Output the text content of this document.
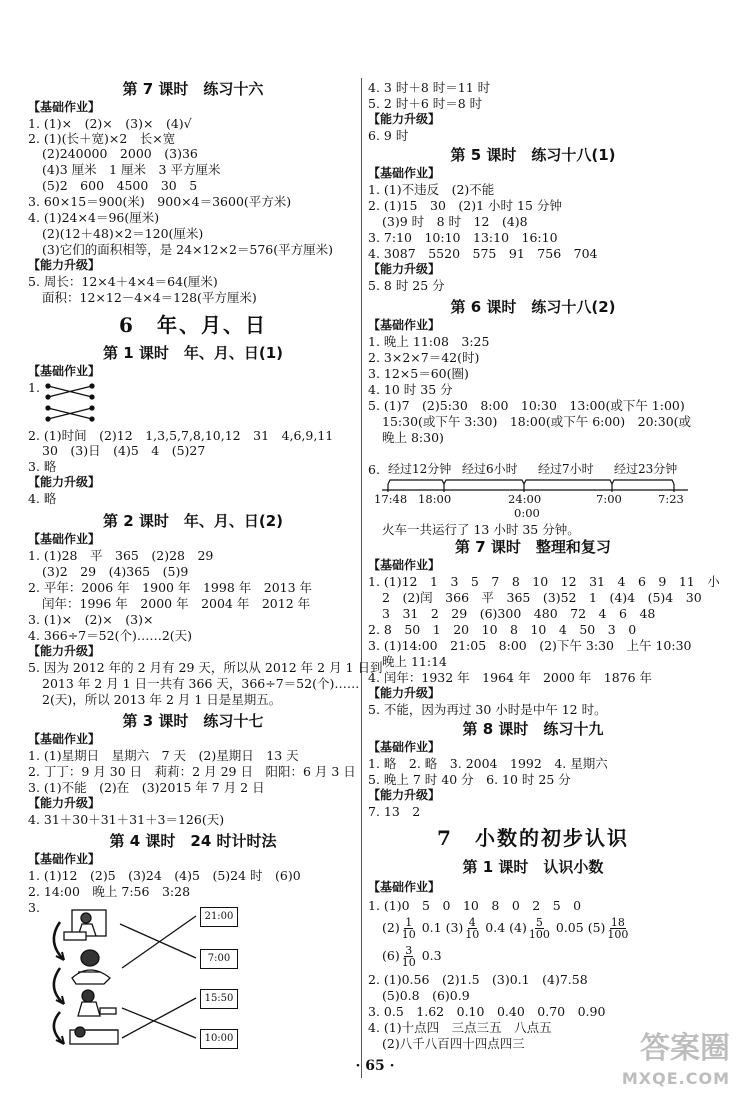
第 7 课时　练习十六
【基础作业】
1. (1)×　(2)×　(3)×　(4)√
2. (1)(长＋宽)×2　长×宽
(2)240000　2000　(3)36
(4)3 厘米　1 厘米　3 平方厘米
(5)2　600　4500　30　5
3. 60×15＝900(米)　900×4＝3600(平方米)
4. (1)24×4＝96(厘米)
(2)(12＋48)×2＝120(厘米)
(3)它们的面积相等，是 24×12×2＝576(平方厘米)
【能力升级】
5. 周长：12×4＋4×4＝64(厘米)
面积：12×12－4×4＝128(平方厘米)
6　年、月、日
第 1 课时　年、月、日(1)
【基础作业】
1.
2. (1)时间　(2)12　1,3,5,7,8,10,12　31　4,6,9,11
30　(3)日　(4)5　4　(5)27
3. 略
【能力升级】
4. 略
第 2 课时　年、月、日(2)
【基础作业】
1. (1)28　平　365　(2)28　29
(3)2　29　(4)365　(5)9
2. 平年：2006 年　1900 年　1998 年　2013 年
闰年：1996 年　2000 年　2004 年　2012 年
3. (1)×　(2)×　(3)×
4. 366÷7＝52(个)……2(天)
【能力升级】
5. 因为 2012 年的 2 月有 29 天，所以从 2012 年 2 月 1 日到
2013 年 2 月 1 日一共有 366 天，366÷7＝52(个)……
2(天)，所以 2013 年 2 月 1 日是星期五。
第 3 课时　练习十七
【基础作业】
1. (1)星期日　星期六　7 天　(2)星期日　13 天
2. 丁丁：9 月 30 日　莉莉：2 月 29 日　阳阳：6 月 3 日
3. (1)不能　(2)在　(3)2015 年 7 月 2 日
【能力升级】
4. 31＋30＋31＋31＋3＝126(天)
第 4 课时　24 时计时法
【基础作业】
1. (1)12　(2)5　(3)24　(4)5　(5)24 时　(6)0
2. 14:00　晚上 7:56　3:28
3.
21:00
7:00
15:50
10:00
4. 3 时＋8 时＝11 时
5. 2 时＋6 时＝8 时
【能力升级】
6. 9 时
第 5 课时　练习十八(1)
【基础作业】
1. (1)不违反　(2)不能
2. (1)15　30　(2)1 小时 15 分钟
(3)9 时　8 时　12　(4)8
3. 7:10　10:10　13:10　16:10
4. 3087　5520　575　91　756　704
【能力升级】
5. 8 时 25 分
第 6 课时　练习十八(2)
【基础作业】
1. 晚上 11:08　3:25
2. 3×2×7＝42(时)
3. 12×5＝60(圈)
4. 10 时 35 分
5. (1)7　(2)5:30　8:00　10:30　13:00(或下午 1:00)
15:30(或下午 3:30)　18:00(或下午 6:00)　20:30(或
晚上 8:30)
6. 经过12分钟 经过6小时 经过7小时 经过23分钟
17:48 18:00	24:00
0:00
7:00	7:23
火车一共运行了 13 小时 35 分钟。
第 7 课时　整理和复习
【基础作业】
1. (1)12　1　3　5　7　8　10　12　31　4　6　9　11　小
2　(2)闰　366　平　365　(3)52　1　(4)4　(5)4　30
3　31　2　29　(6)300　480　72　4　6　48
2. 8　50　1　20　10　8　10　4　50　3　0
3. (1)14:00　21:05　8:00　(2)下午 3:30　上午 10:30
晚上 11:14
4. 闰年：1932 年　1964 年　2000 年　1876 年
【能力升级】
5. 不能，因为再过 30 小时是中午 12 时。
第 8 课时　练习十九
【基础作业】
1. 略　2. 略　3. 2004　1992　4. 星期六
5. 晚上 7 时 40 分　6. 10 时 25 分
【能力升级】
7. 13　2
7　小数的初步认识
第 1 课时　认识小数
【基础作业】
1. (1)0　5　0　10　8　0　2　5　0
$(2) \frac{1}{10} 0.1$ $(3) \frac{4}{10} 0.4$ $(4) \frac{5}{100} 0.05$ $(5) \frac{18}{100}$
$(6) \frac{3}{10} 0.3$
2. (1)0.56　(2)1.5　(3)0.1　(4)7.58
(5)0.8　(6)0.9
3. 0.5　1.62　0.10　0.40　0.70　0.90
4. (1)十点四　三点三五　八点五
(2)八千八百四十四点四三
· 65 ·	答案圈
MXQE.COM
